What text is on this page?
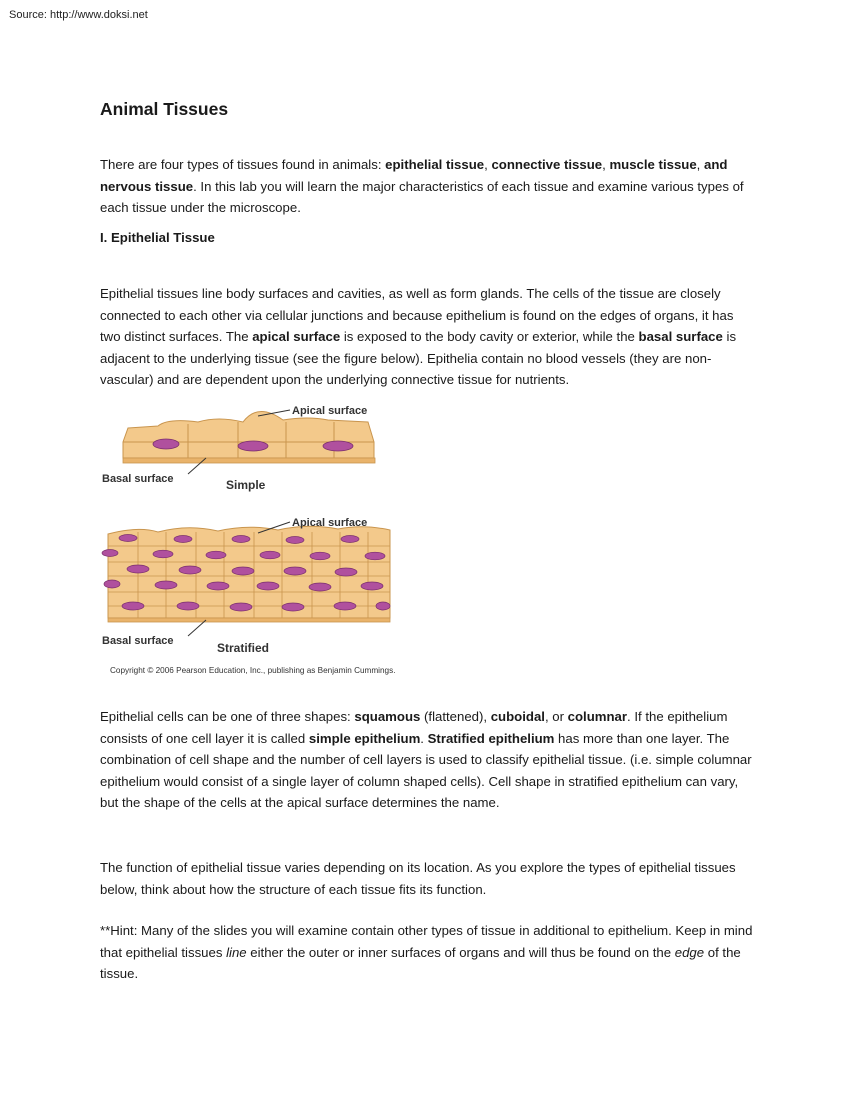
Source: http://www.doksi.net
Animal Tissues

There are four types of tissues found in animals: epithelial tissue, connective tissue, muscle tissue, and nervous tissue. In this lab you will learn the major characteristics of each tissue and examine various types of each tissue under the microscope.

I. Epithelial Tissue

Epithelial tissues line body surfaces and cavities, as well as form glands. The cells of the tissue are closely connected to each other via cellular junctions and because epithelium is found on the edges of organs, it has two distinct surfaces. The apical surface is exposed to the body cavity or exterior, while the basal surface is adjacent to the underlying tissue (see the figure below). Epithelia contain no blood vessels (they are non-vascular) and are dependent upon the underlying connective tissue for nutrients.

Apical surface
Basal surface	Simple
Apical surface
Basal surface	Stratified
Copyright © 2006 Pearson Education, Inc., publishing as Benjamin Cummings.

Epithelial cells can be one of three shapes: squamous (flattened), cuboidal, or columnar. If the epithelium consists of one cell layer it is called simple epithelium. Stratified epithelium has more than one layer. The combination of cell shape and the number of cell layers is used to classify epithelial tissue. (i.e. simple columnar epithelium would consist of a single layer of column shaped cells). Cell shape in stratified epithelium can vary, but the shape of the cells at the apical surface determines the name.

The function of epithelial tissue varies depending on its location. As you explore the types of epithelial tissues below, think about how the structure of each tissue fits its function.

**Hint: Many of the slides you will examine contain other types of tissue in additional to epithelium. Keep in mind that epithelial tissues line either the outer or inner surfaces of organs and will thus be found on the edge of the tissue.
